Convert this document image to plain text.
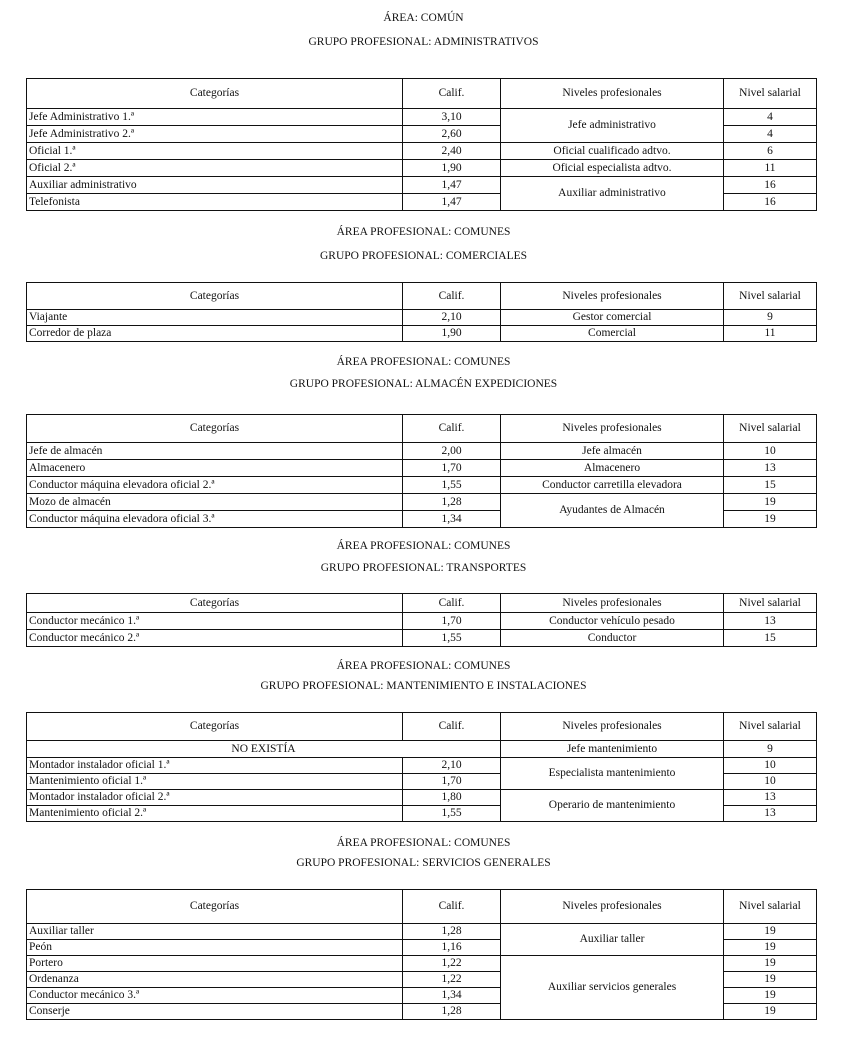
ÁREA: COMÚN
GRUPO PROFESIONAL: ADMINISTRATIVOS
Categorías	Calif.	Niveles profesionales	Nivel salarial
Jefe Administrativo 1.ª	3,10	Jefe administrativo	4
Jefe Administrativo 2.ª	2,60		4
Oficial 1.ª	2,40	Oficial cualificado adtvo.	6
Oficial 2.ª	1,90	Oficial especialista adtvo.	11
Auxiliar administrativo	1,47	Auxiliar administrativo	16
Telefonista	1,47		16
ÁREA PROFESIONAL: COMUNES
GRUPO PROFESIONAL: COMERCIALES
Categorías	Calif.	Niveles profesionales	Nivel salarial
Viajante	2,10	Gestor comercial	9
Corredor de plaza	1,90	Comercial	11
ÁREA PROFESIONAL: COMUNES
GRUPO PROFESIONAL: ALMACÉN EXPEDICIONES
Categorías	Calif.	Niveles profesionales	Nivel salarial
Jefe de almacén	2,00	Jefe almacén	10
Almacenero	1,70	Almacenero	13
Conductor máquina elevadora oficial 2.ª	1,55	Conductor carretilla elevadora	15
Mozo de almacén	1,28	Ayudantes de Almacén	19
Conductor máquina elevadora oficial 3.ª	1,34		19
ÁREA PROFESIONAL: COMUNES
GRUPO PROFESIONAL: TRANSPORTES
Categorías	Calif.	Niveles profesionales	Nivel salarial
Conductor mecánico 1.ª	1,70	Conductor vehículo pesado	13
Conductor mecánico 2.ª	1,55	Conductor	15
ÁREA PROFESIONAL: COMUNES
GRUPO PROFESIONAL: MANTENIMIENTO E INSTALACIONES
Categorías	Calif.	Niveles profesionales	Nivel salarial
NO EXISTÍA		Jefe mantenimiento	9
Montador instalador oficial 1.ª	2,10	Especialista mantenimiento	10
Mantenimiento oficial 1.ª	1,70		10
Montador instalador oficial 2.ª	1,80	Operario de mantenimiento	13
Mantenimiento oficial 2.ª	1,55		13
ÁREA PROFESIONAL: COMUNES
GRUPO PROFESIONAL: SERVICIOS GENERALES
Categorías	Calif.	Niveles profesionales	Nivel salarial
Auxiliar taller	1,28	Auxiliar taller	19
Peón	1,16		19
Portero	1,22	Auxiliar servicios generales	19
Ordenanza	1,22		19
Conductor mecánico 3.ª	1,34		19
Conserje	1,28		19
